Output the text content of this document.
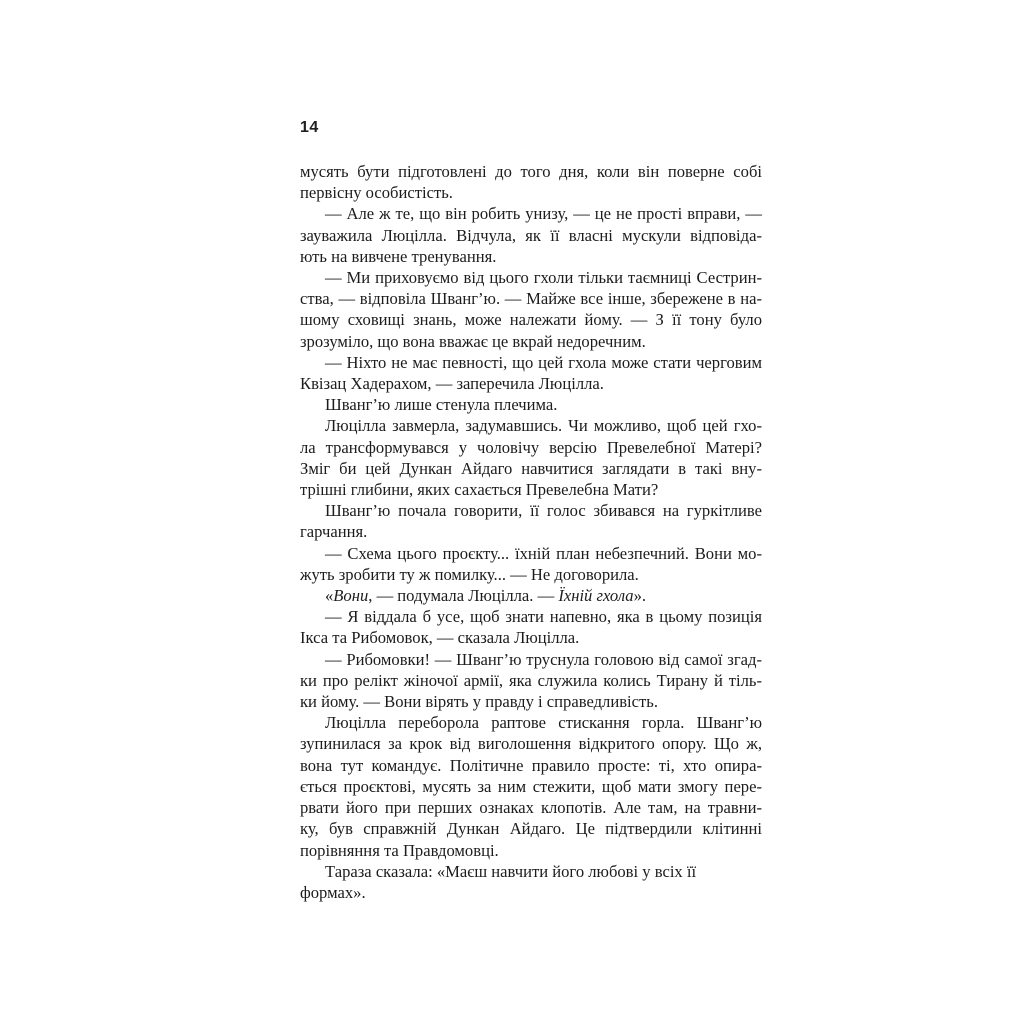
14
мусять бути підготовлені до того дня, коли він поверне собі
первісну особистість.
— Але ж те, що він робить унизу, — це не прості вправи, —
зауважила Люцілла. Відчула, як її власні мускули відповіда-
ють на вивчене тренування.
— Ми приховуємо від цього гхоли тільки таємниці Сестрин-
ства, — відповіла Шванг’ю. — Майже все інше, збережене в на-
шому сховищі знань, може належати йому. — З її тону було
зрозуміло, що вона вважає це вкрай недоречним.
— Ніхто не має певності, що цей гхола може стати черговим
Квізац Хадерахом, — заперечила Люцілла.
Шванг’ю лише стенула плечима.
Люцілла завмерла, задумавшись. Чи можливо, щоб цей гхо-
ла трансформувався у чоловічу версію Превелебної Матері?
Зміг би цей Дункан Айдаго навчитися заглядати в такі вну-
трішні глибини, яких сахається Превелебна Мати?
Шванг’ю почала говорити, її голос збивався на гуркітливе
гарчання.
— Схема цього проєкту... їхній план небезпечний. Вони мо-
жуть зробити ту ж помилку... — Не договорила.
«Вони, — подумала Люцілла. — Їхній гхола».
— Я віддала б усе, щоб знати напевно, яка в цьому позиція
Ікса та Рибомовок, — сказала Люцілла.
— Рибомовки! — Шванг’ю труснула головою від самої згад-
ки про релікт жіночої армії, яка служила колись Тирану й тіль-
ки йому. — Вони вірять у правду і справедливість.
Люцілла переборола раптове стискання горла. Шванг’ю
зупинилася за крок від виголошення відкритого опору. Що ж,
вона тут командує. Політичне правило просте: ті, хто опира-
ється проєктові, мусять за ним стежити, щоб мати змогу пере-
рвати його при перших ознаках клопотів. Але там, на травни-
ку, був справжній Дункан Айдаго. Це підтвердили клітинні
порівняння та Правдомовці.
Тараза сказала: «Маєш навчити його любові у всіх її формах».
